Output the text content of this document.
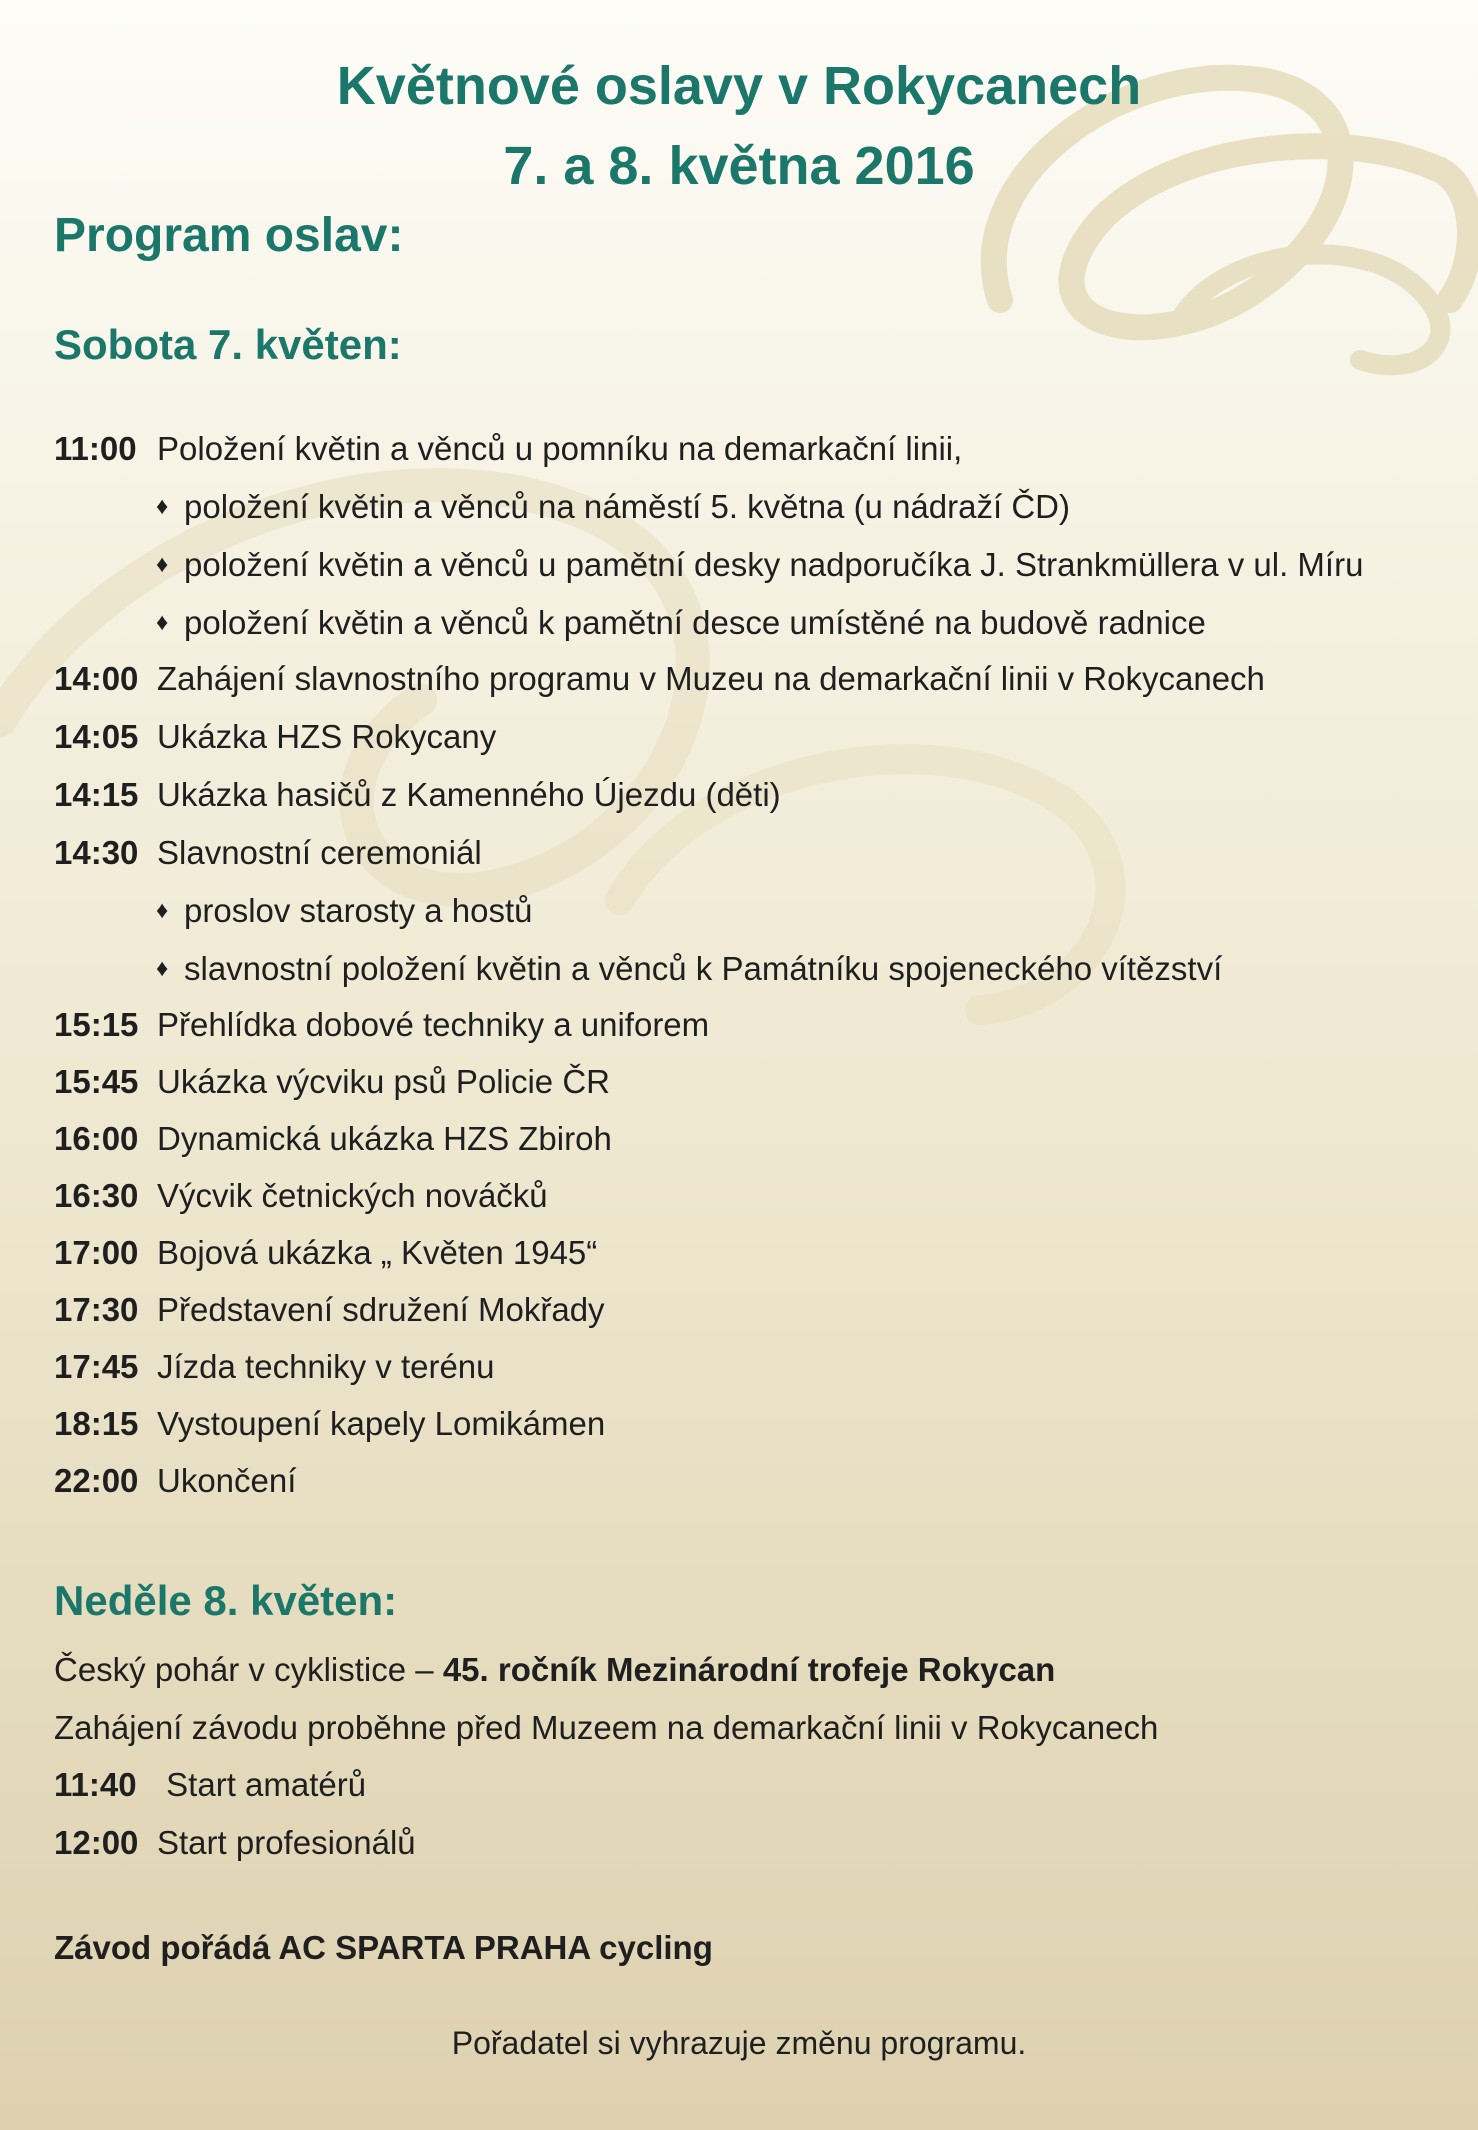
Květnové oslavy v Rokycanech
7. a 8. května 2016
Program oslav:
Sobota 7. květen:
11:00 Položení květin a věnců u pomníku na demarkační linii,
♦ položení květin a věnců na náměstí 5. května (u nádraží ČD)
♦ položení květin a věnců u pamětní desky nadporučíka J. Strankmüllera v ul. Míru
♦ položení květin a věnců k pamětní desce umístěné na budově radnice
14:00 Zahájení slavnostního programu v Muzeu na demarkační linii v Rokycanech
14:05 Ukázka HZS Rokycany
14:15 Ukázka hasičů z Kamenného Újezdu (děti)
14:30 Slavnostní ceremoniál
♦ proslov starosty a hostů
♦ slavnostní položení květin a věnců k Památníku spojeneckého vítězství
15:15 Přehlídka dobové techniky a uniforem
15:45 Ukázka výcviku psů Policie ČR
16:00 Dynamická ukázka HZS Zbiroh
16:30 Výcvik četnických nováčků
17:00 Bojová ukázka „ Květen 1945“
17:30 Představení sdružení Mokřady
17:45 Jízda techniky v terénu
18:15 Vystoupení kapely Lomikámen
22:00 Ukončení
Neděle 8. květen:
Český pohár v cyklistice – 45. ročník Mezinárodní trofeje Rokycan
Zahájení závodu proběhne před Muzeem na demarkační linii v Rokycanech
11:40 Start amatérů
12:00 Start profesionálů
Závod pořádá AC SPARTA PRAHA cycling
Pořadatel si vyhrazuje změnu programu.
